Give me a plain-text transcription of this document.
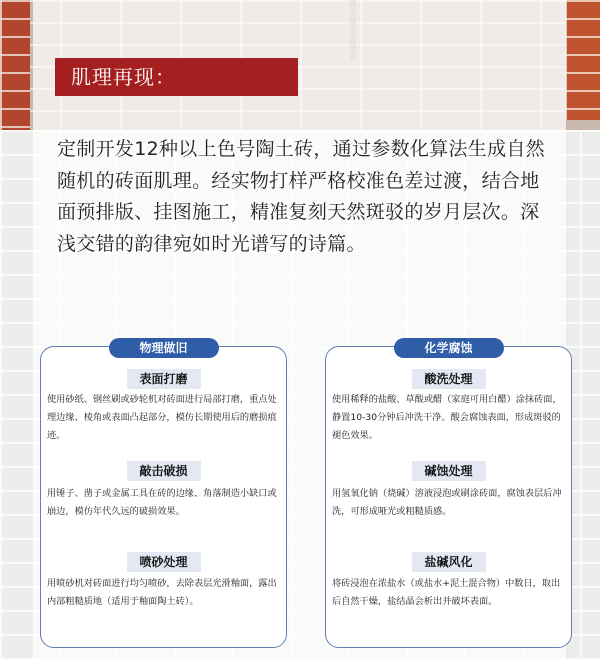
肌理再现：
定制开发12种以上色号陶土砖，通过参数化算法生成自然随机的砖面肌理。经实物打样严格校准色差过渡，结合地面预排版、挂图施工，精准复刻天然斑驳的岁月层次。深浅交错的韵律宛如时光谱写的诗篇。
物理做旧
表面打磨
使用砂纸、钢丝刷或砂轮机对砖面进行局部打磨，重点处理边缘、棱角或表面凸起部分，模仿长期使用后的磨损痕迹。
敲击破损
用锤子、凿子或金属工具在砖的边缘、角落制造小缺口或崩边，模仿年代久远的破损效果。
喷砂处理
用喷砂机对砖面进行均匀喷砂，去除表层光滑釉面，露出内部粗糙质地（适用于釉面陶土砖）。
化学腐蚀
酸洗处理
使用稀释的盐酸、草酸或醋（家庭可用白醋）涂抹砖面，静置10-30分钟后冲洗干净。酸会腐蚀表面，形成斑驳的褪色效果。
碱蚀处理
用氢氧化钠（烧碱）溶液浸泡或刷涂砖面，腐蚀表层后冲洗，可形成哑光或粗糙质感。
盐碱风化
将砖浸泡在浓盐水（或盐水+泥土混合物）中数日，取出后自然干燥，盐结晶会析出并破坏表面。
